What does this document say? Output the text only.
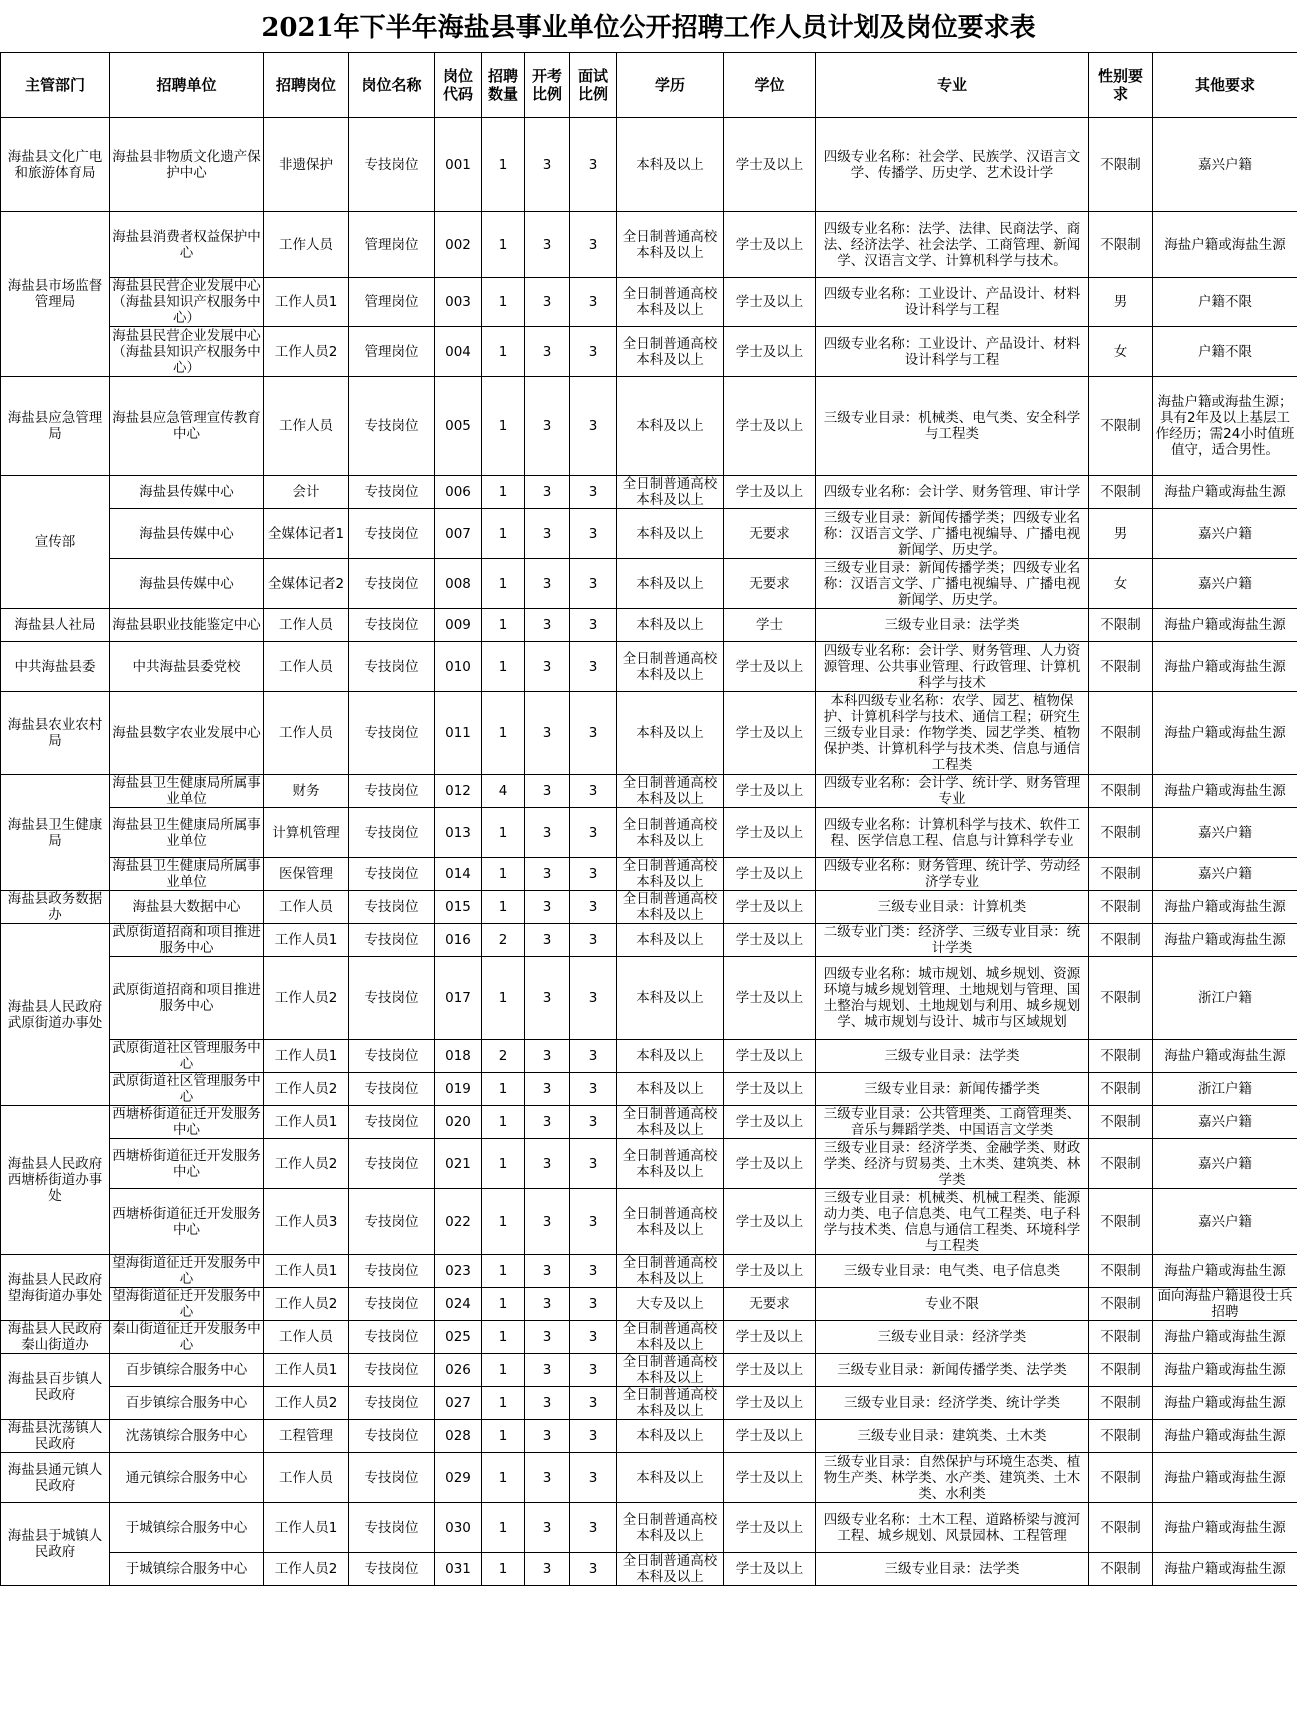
2021年下半年海盐县事业单位公开招聘工作人员计划及岗位要求表
主管部门	招聘单位	招聘岗位	岗位名称	岗位代码	招聘数量	开考比例	面试比例	学历	学位	专业	性别要求	其他要求
海盐县文化广电和旅游体育局	海盐县非物质文化遗产保护中心	非遗保护	专技岗位	001	1	3	3	本科及以上	学士及以上	四级专业名称：社会学、民族学、汉语言文学、传播学、历史学、艺术设计学	不限制	嘉兴户籍
海盐县市场监督管理局	海盐县消费者权益保护中心	工作人员	管理岗位	002	1	3	3	全日制普通高校本科及以上	学士及以上	四级专业名称：法学、法律、民商法学、商法、经济法学、社会法学、工商管理、新闻学、汉语言文学、计算机科学与技术。	不限制	海盐户籍或海盐生源
	海盐县民营企业发展中心（海盐县知识产权服务中心）	工作人员1	管理岗位	003	1	3	3	全日制普通高校本科及以上	学士及以上	四级专业名称：工业设计、产品设计、材料设计科学与工程	男	户籍不限
	海盐县民营企业发展中心（海盐县知识产权服务中心）	工作人员2	管理岗位	004	1	3	3	全日制普通高校本科及以上	学士及以上	四级专业名称：工业设计、产品设计、材料设计科学与工程	女	户籍不限
海盐县应急管理局	海盐县应急管理宣传教育中心	工作人员	专技岗位	005	1	3	3	本科及以上	学士及以上	三级专业目录：机械类、电气类、安全科学与工程类	不限制	海盐户籍或海盐生源；具有2年及以上基层工作经历；需24小时值班值守，适合男性。
宣传部	海盐县传媒中心	会计	专技岗位	006	1	3	3	全日制普通高校本科及以上	学士及以上	四级专业名称：会计学、财务管理、审计学	不限制	海盐户籍或海盐生源
	海盐县传媒中心	全媒体记者1	专技岗位	007	1	3	3	本科及以上	无要求	三级专业目录：新闻传播学类；四级专业名称：汉语言文学、广播电视编导、广播电视新闻学、历史学。	男	嘉兴户籍
	海盐县传媒中心	全媒体记者2	专技岗位	008	1	3	3	本科及以上	无要求	三级专业目录：新闻传播学类；四级专业名称：汉语言文学、广播电视编导、广播电视新闻学、历史学。	女	嘉兴户籍
海盐县人社局	海盐县职业技能鉴定中心	工作人员	专技岗位	009	1	3	3	本科及以上	学士	三级专业目录：法学类	不限制	海盐户籍或海盐生源
中共海盐县委	中共海盐县委党校	工作人员	专技岗位	010	1	3	3	全日制普通高校本科及以上	学士及以上	四级专业名称：会计学、财务管理、人力资源管理、公共事业管理、行政管理、计算机科学与技术	不限制	海盐户籍或海盐生源
海盐县农业农村局	海盐县数字农业发展中心	工作人员	专技岗位	011	1	3	3	本科及以上	学士及以上	本科四级专业名称：农学、园艺、植物保护、计算机科学与技术、通信工程；研究生三级专业目录：作物学类、园艺学类、植物保护类、计算机科学与技术类、信息与通信工程类	不限制	海盐户籍或海盐生源
海盐县卫生健康局	海盐县卫生健康局所属事业单位	财务	专技岗位	012	4	3	3	全日制普通高校本科及以上	学士及以上	四级专业名称：会计学、统计学、财务管理专业	不限制	海盐户籍或海盐生源
	海盐县卫生健康局所属事业单位	计算机管理	专技岗位	013	1	3	3	全日制普通高校本科及以上	学士及以上	四级专业名称：计算机科学与技术、软件工程、医学信息工程、信息与计算科学专业	不限制	嘉兴户籍
	海盐县卫生健康局所属事业单位	医保管理	专技岗位	014	1	3	3	全日制普通高校本科及以上	学士及以上	四级专业名称：财务管理、统计学、劳动经济学专业	不限制	嘉兴户籍
海盐县政务数据办	海盐县大数据中心	工作人员	专技岗位	015	1	3	3	全日制普通高校本科及以上	学士及以上	三级专业目录：计算机类	不限制	海盐户籍或海盐生源
海盐县人民政府武原街道办事处	武原街道招商和项目推进服务中心	工作人员1	专技岗位	016	2	3	3	本科及以上	学士及以上	二级专业门类：经济学、三级专业目录：统计学类	不限制	海盐户籍或海盐生源
	武原街道招商和项目推进服务中心	工作人员2	专技岗位	017	1	3	3	本科及以上	学士及以上	四级专业名称：城市规划、城乡规划、资源环境与城乡规划管理、土地规划与管理、国土整治与规划、土地规划与利用、城乡规划学、城市规划与设计、城市与区域规划	不限制	浙江户籍
	武原街道社区管理服务中心	工作人员1	专技岗位	018	2	3	3	本科及以上	学士及以上	三级专业目录：法学类	不限制	海盐户籍或海盐生源
	武原街道社区管理服务中心	工作人员2	专技岗位	019	1	3	3	本科及以上	学士及以上	三级专业目录：新闻传播学类	不限制	浙江户籍
海盐县人民政府西塘桥街道办事处	西塘桥街道征迁开发服务中心	工作人员1	专技岗位	020	1	3	3	全日制普通高校本科及以上	学士及以上	三级专业目录：公共管理类、工商管理类、音乐与舞蹈学类、中国语言文学类	不限制	嘉兴户籍
	西塘桥街道征迁开发服务中心	工作人员2	专技岗位	021	1	3	3	全日制普通高校本科及以上	学士及以上	三级专业目录：经济学类、金融学类、财政学类、经济与贸易类、土木类、建筑类、林学类	不限制	嘉兴户籍
	西塘桥街道征迁开发服务中心	工作人员3	专技岗位	022	1	3	3	全日制普通高校本科及以上	学士及以上	三级专业目录：机械类、机械工程类、能源动力类、电子信息类、电气工程类、电子科学与技术类、信息与通信工程类、环境科学与工程类	不限制	嘉兴户籍
海盐县人民政府望海街道办事处	望海街道征迁开发服务中心	工作人员1	专技岗位	023	1	3	3	全日制普通高校本科及以上	学士及以上	三级专业目录：电气类、电子信息类	不限制	海盐户籍或海盐生源
	望海街道征迁开发服务中心	工作人员2	专技岗位	024	1	3	3	大专及以上	无要求	专业不限	不限制	面向海盐户籍退役士兵招聘
海盐县人民政府秦山街道办	秦山街道征迁开发服务中心	工作人员	专技岗位	025	1	3	3	全日制普通高校本科及以上	学士及以上	三级专业目录：经济学类	不限制	海盐户籍或海盐生源
海盐县百步镇人民政府	百步镇综合服务中心	工作人员1	专技岗位	026	1	3	3	全日制普通高校本科及以上	学士及以上	三级专业目录：新闻传播学类、法学类	不限制	海盐户籍或海盐生源
	百步镇综合服务中心	工作人员2	专技岗位	027	1	3	3	全日制普通高校本科及以上	学士及以上	三级专业目录：经济学类、统计学类	不限制	海盐户籍或海盐生源
海盐县沈荡镇人民政府	沈荡镇综合服务中心	工程管理	专技岗位	028	1	3	3	本科及以上	学士及以上	三级专业目录：建筑类、土木类	不限制	海盐户籍或海盐生源
海盐县通元镇人民政府	通元镇综合服务中心	工作人员	专技岗位	029	1	3	3	本科及以上	学士及以上	三级专业目录：自然保护与环境生态类、植物生产类、林学类、水产类、建筑类、土木类、水利类	不限制	海盐户籍或海盐生源
海盐县于城镇人民政府	于城镇综合服务中心	工作人员1	专技岗位	030	1	3	3	全日制普通高校本科及以上	学士及以上	四级专业名称：土木工程、道路桥梁与渡河工程、城乡规划、风景园林、工程管理	不限制	海盐户籍或海盐生源
	于城镇综合服务中心	工作人员2	专技岗位	031	1	3	3	全日制普通高校本科及以上	学士及以上	三级专业目录：法学类	不限制	海盐户籍或海盐生源
